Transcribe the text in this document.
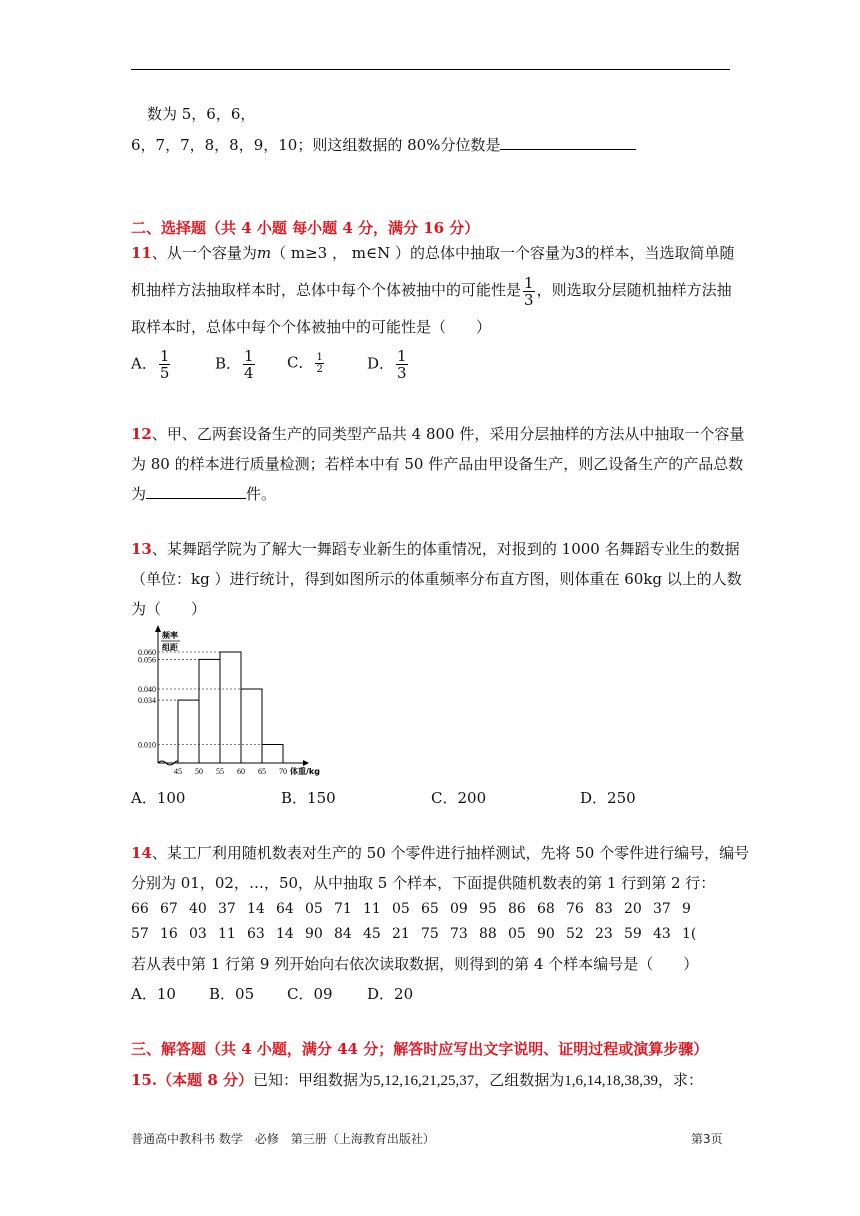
数为 5，6，6，
6，7，7，8，8，9，10；则这组数据的 80%分位数是
二、选择题（共 4 小题 每小题 4 分，满分 16 分）
11、从一个容量为m（ m≥3 ， m∈N ）的总体中抽取一个容量为3的样本，当选取简单随
机抽样方法抽取样本时，总体中每个个体被抽中的可能性是 $\frac{1}{3}$ ，则选取分层随机抽样方法抽
取样本时，总体中每个个体被抽中的可能性是（　　）
A． $\frac{1}{5}$	B． $\frac{1}{4}$ C． $\frac{1}{2}$	D． $\frac{1}{3}$
12、甲、乙两套设备生产的同类型产品共 4 800 件，采用分层抽样的方法从中抽取一个容量
为 80 的样本进行质量检测；若样本中有 50 件产品由甲设备生产，则乙设备生产的产品总数
为	件。
13、某舞蹈学院为了解大一舞蹈专业新生的体重情况，对报到的 1000 名舞蹈专业生的数据
（单位：kg ）进行统计，得到如图所示的体重频率分布直方图，则体重在 60kg 以上的人数
为（　　）
频率
组距
0.060
0.056
0.040
0.034
0.010
45 50 55 60 65 70 体重/kg
A．100	B．150	C．200	D．250
14、某工厂利用随机数表对生产的 50 个零件进行抽样测试，先将 50 个零件进行编号，编号
分别为 01，02，…，50，从中抽取 5 个样本，下面提供随机数表的第 1 行到第 2 行：
66 67 40 37 14 64 05 71 11 05 65 09 95 86 68 76 83 20 37 9
57 16 03 11 63 14 90 84 45 21 75 73 88 05 90 52 23 59 43 1(
若从表中第 1 行第 9 列开始向右依次读取数据，则得到的第 4 个样本编号是（　　）
A．10 B．05 C．09 D．20
三、解答题（共 4 小题，满分 44 分；解答时应写出文字说明、证明过程或演算步骤）
15.（本题 8 分）已知：甲组数据为5,12,16,21,25,37，乙组数据为1,6,14,18,38,39，求：
普通高中教科书 数学　必修　第三册（上海教育出版社）	第3页
